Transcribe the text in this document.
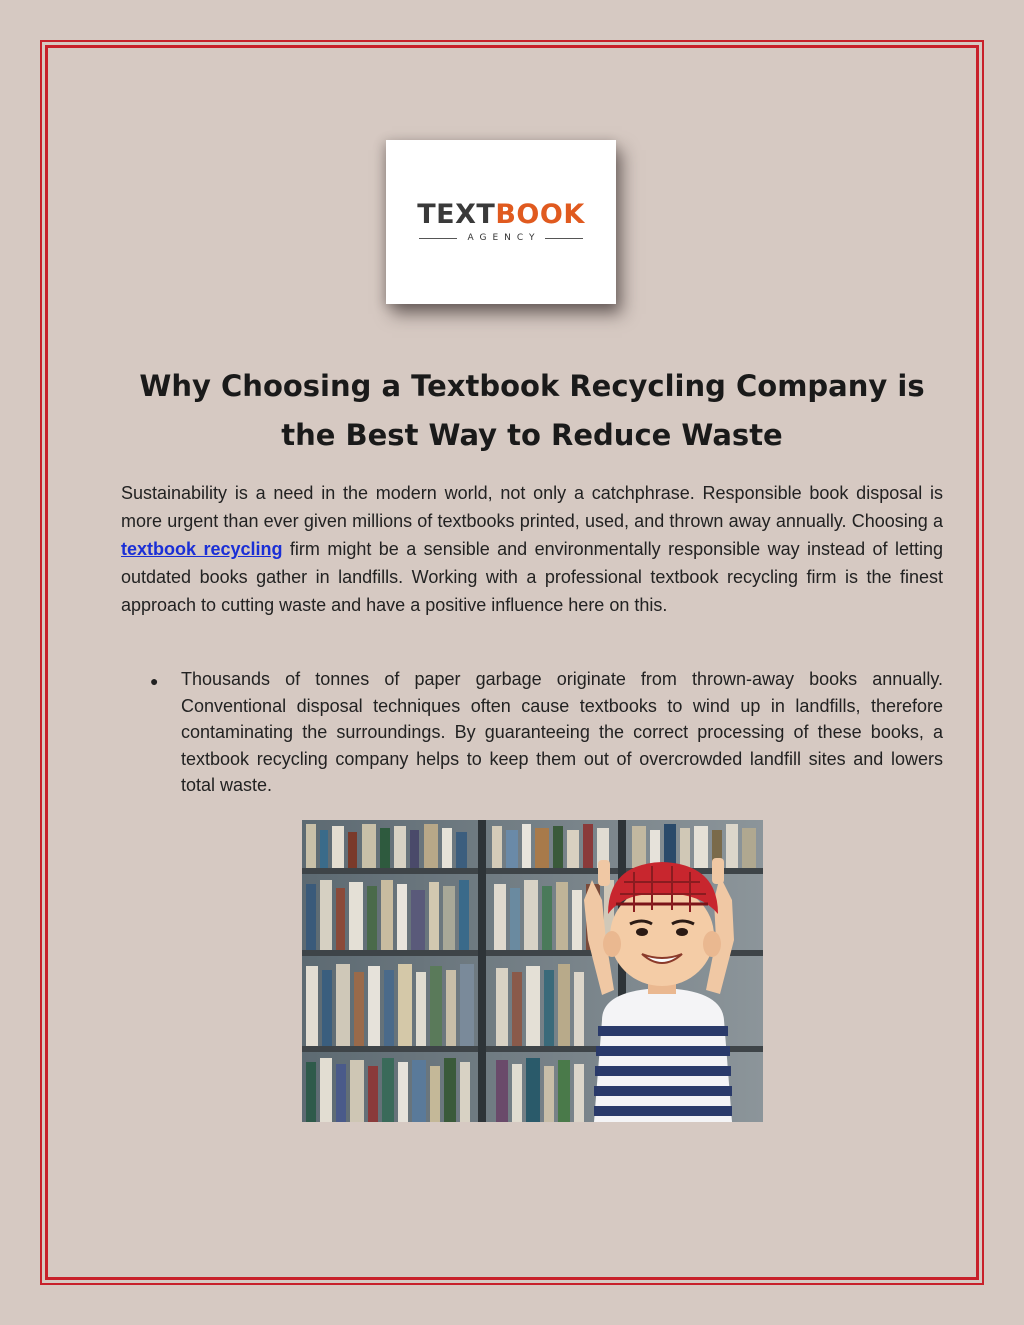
TEXTBOOK
AGENCY
Why Choosing a Textbook Recycling Company is the Best Way to Reduce Waste

Sustainability is a need in the modern world, not only a catchphrase. Responsible book disposal is more urgent than ever given millions of textbooks printed, used, and thrown away annually. Choosing a textbook recycling firm might be a sensible and environmentally responsible way instead of letting outdated books gather in landfills. Working with a professional textbook recycling firm is the finest approach to cutting waste and have a positive influence here on this.

● Thousands of tonnes of paper garbage originate from thrown-away books annually. Conventional disposal techniques often cause textbooks to wind up in landfills, therefore contaminating the surroundings. By guaranteeing the correct processing of these books, a textbook recycling company helps to keep them out of overcrowded landfill sites and lowers total waste.
